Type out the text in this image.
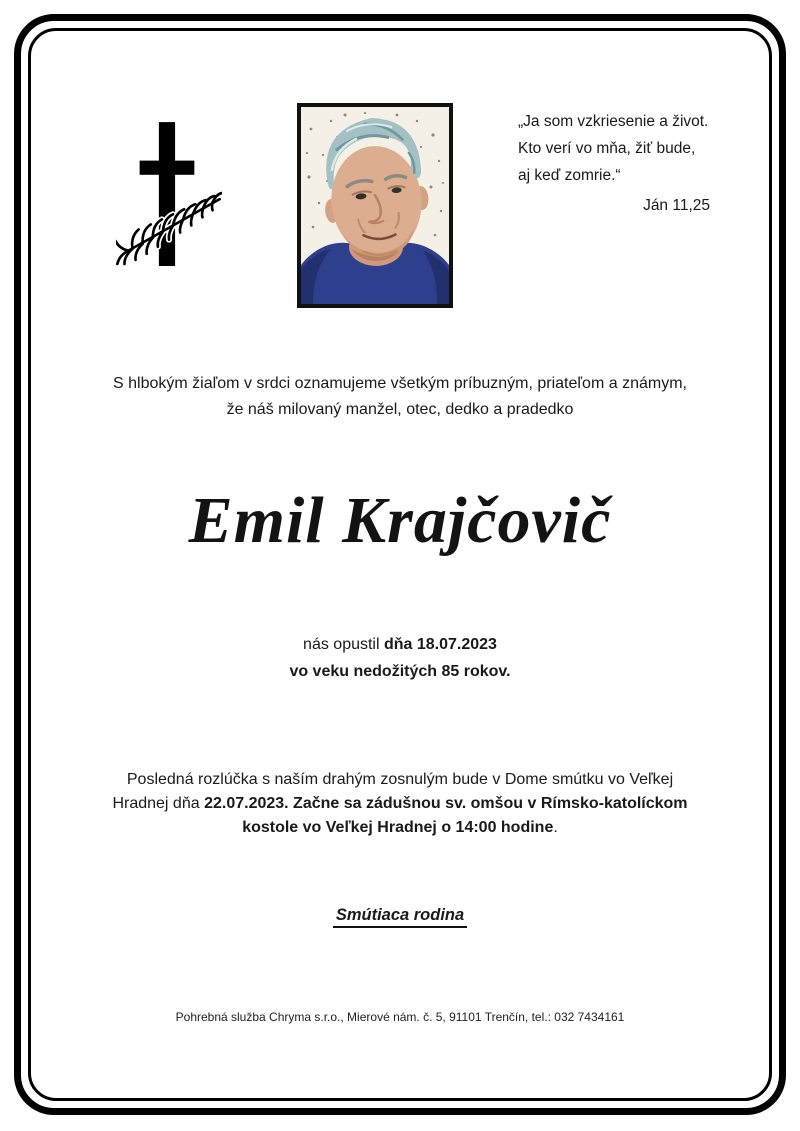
„Ja som vzkriesenie a život.
Kto verí vo mňa, žiť bude,
aj keď zomrie.“
Ján 11,25
S hlbokým žiaľom v srdci oznamujeme všetkým príbuzným, priateľom a známym,
že náš milovaný manžel, otec, dedko a pradedko
Emil Krajčovič
nás opustil dňa 18.07.2023
vo veku nedožitých 85 rokov.
Posledná rozlúčka s naším drahým zosnulým bude v Dome smútku vo Veľkej
Hradnej dňa 22.07.2023. Začne sa zádušnou sv. omšou v Rímsko-katolíckom
kostole vo Veľkej Hradnej o 14:00 hodine.
Smútiaca rodina
Pohrebná služba Chryma s.r.o., Mierové nám. č. 5, 91101 Trenčín, tel.: 032 7434161
